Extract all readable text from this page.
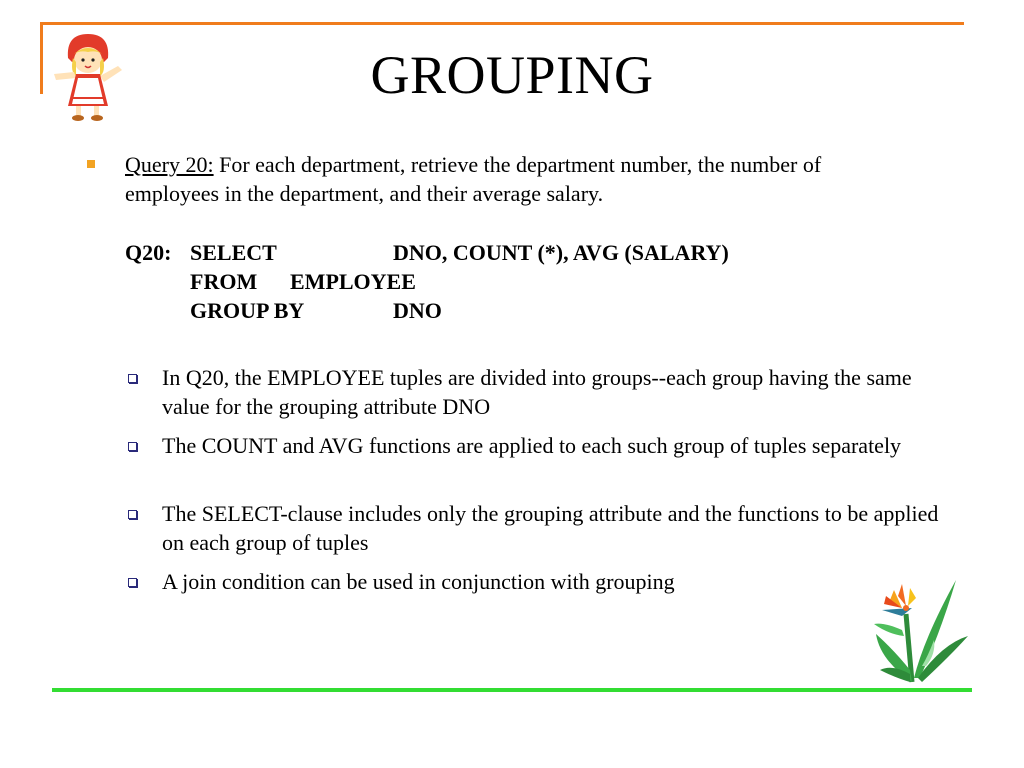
GROUPING
Query 20: For each department, retrieve the department number, the number of employees in the department, and their average salary.
Q20: SELECT	DNO, COUNT (*), AVG (SALARY)
FROM EMPLOYEE
GROUP BY	DNO
In Q20, the EMPLOYEE tuples are divided into groups--each group having the same value for the grouping attribute DNO
The COUNT and AVG functions are applied to each such group of tuples separately
The SELECT-clause includes only the grouping attribute and the functions to be applied on each group of tuples
A join condition can be used in conjunction with grouping
